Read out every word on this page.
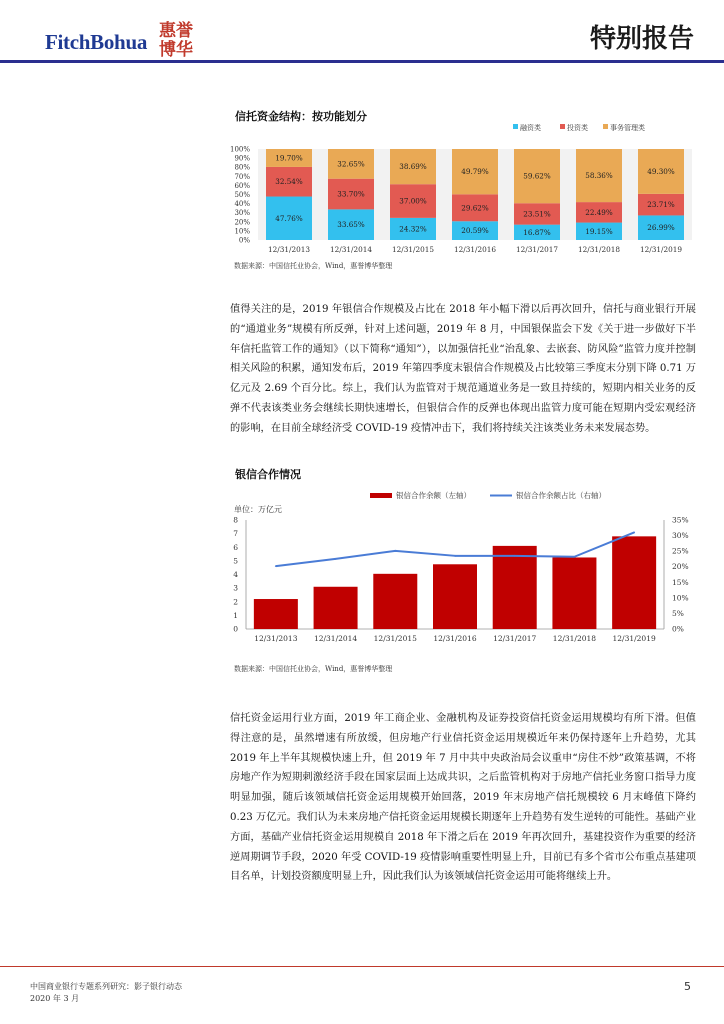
FitchBohua 惠誉博华	特别报告
信托资金结构：按功能划分
融资类	投资类	事务管理类
0%
10%
20%
30%
40%
50%
60%
70%
80%
90%
100%
47.76%
32.54%
19.70%
12/31/2013
33.65%
33.70%
32.65%
12/31/2014
24.32%
37.00%
38.69%
12/31/2015
20.59%
29.62%
49.79%
12/31/2016
16.87%
23.51%
59.62%
12/31/2017
19.15%
22.49%
58.36%
12/31/2018
26.99%
23.71%
49.30%
12/31/2019
数据来源：中国信托业协会，Wind，惠誉博华整理

值得关注的是，2019 年银信合作规模及占比在 2018 年小幅下滑以后再次回升，信托与商业银行开展的“通道业务”规模有所反弹，针对上述问题，2019 年 8 月，中国银保监会下发《关于进一步做好下半年信托监管工作的通知》（以下简称“通知”），以加强信托业“治乱象、去嵌套、防风险”监管力度并控制相关风险的积累，通知发布后，2019 年第四季度末银信合作规模及占比较第三季度末分别下降 0.71 万亿元及 2.69 个百分比。综上，我们认为监管对于规范通道业务是一致且持续的，短期内相关业务的反弹不代表该类业务会继续长期快速增长，但银信合作的反弹也体现出监管力度可能在短期内受宏观经济的影响，在目前全球经济受 COVID-19 疫情冲击下，我们将持续关注该类业务未来发展态势。

银信合作情况
单位：万亿元
银信合作余额（左轴）	银信合作余额占比（右轴）
0
1
2
3
4
5
6
7
8
0%
5%
10%
15%
20%
25%
30%
35%
12/31/2013 12/31/2014 12/31/2015 12/31/2016 12/31/2017 12/31/2018 12/31/2019
数据来源：中国信托业协会，Wind，惠誉博华整理

信托资金运用行业方面，2019 年工商企业、金融机构及证券投资信托资金运用规模均有所下滑。但值得注意的是，虽然增速有所放缓，但房地产行业信托资金运用规模近年来仍保持逐年上升趋势，尤其 2019 年上半年其规模快速上升，但 2019 年 7 月中共中央政治局会议重申“房住不炒”政策基调，不将房地产作为短期刺激经济手段在国家层面上达成共识，之后监管机构对于房地产信托业务窗口指导力度明显加强，随后该领域信托资金运用规模开始回落，2019 年末房地产信托规模较 6 月末峰值下降约 0.23 万亿元。我们认为未来房地产信托资金运用规模长期逐年上升趋势有发生逆转的可能性。基础产业方面，基础产业信托资金运用规模自 2018 年下滑之后在 2019 年再次回升，基建投资作为重要的经济逆周期调节手段，2020 年受 COVID-19 疫情影响重要性明显上升，目前已有多个省市公布重点基建项目名单，计划投资额度明显上升，因此我们认为该领域信托资金运用可能将继续上升。

中国商业银行专题系列研究：影子银行动态
2020 年 3 月
5
